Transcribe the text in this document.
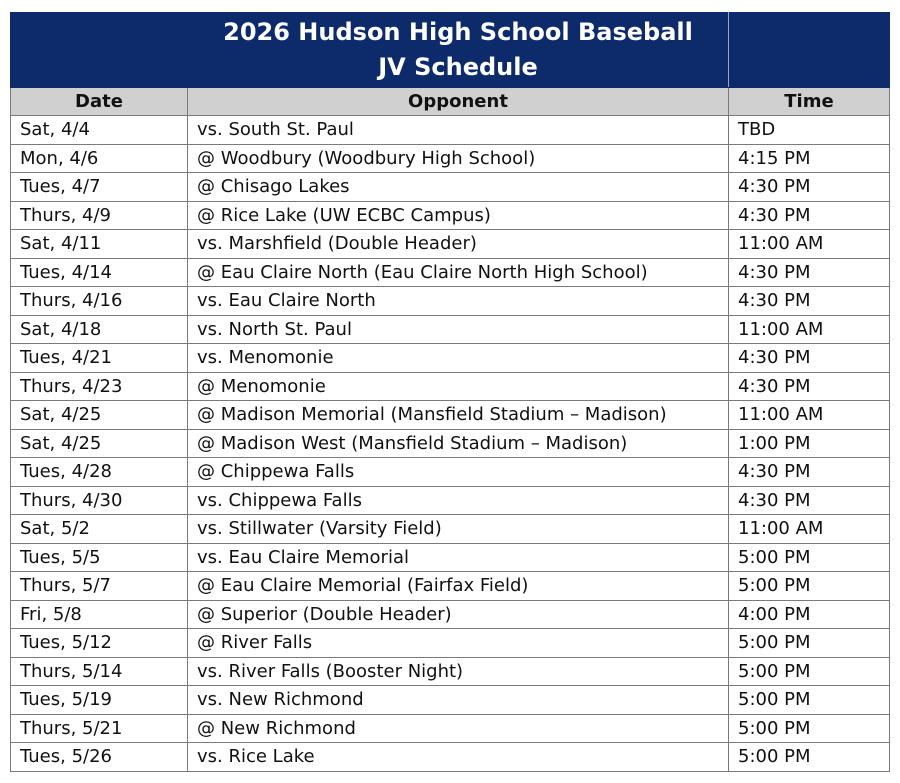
	2026 Hudson High School Baseball
JV Schedule	

Date	Opponent	Time
Sat, 4/4	vs. South St. Paul	TBD
Mon, 4/6	@ Woodbury (Woodbury High School)	4:15 PM
Tues, 4/7	@ Chisago Lakes	4:30 PM
Thurs, 4/9	@ Rice Lake (UW ECBC Campus)	4:30 PM
Sat, 4/11	vs. Marshfield (Double Header)	11:00 AM
Tues, 4/14	@ Eau Claire North (Eau Claire North High School)	4:30 PM
Thurs, 4/16	vs. Eau Claire North	4:30 PM
Sat, 4/18	vs. North St. Paul	11:00 AM
Tues, 4/21	vs. Menomonie	4:30 PM
Thurs, 4/23	@ Menomonie	4:30 PM
Sat, 4/25	@ Madison Memorial (Mansfield Stadium – Madison)	11:00 AM
Sat, 4/25	@ Madison West (Mansfield Stadium – Madison)	1:00 PM
Tues, 4/28	@ Chippewa Falls	4:30 PM
Thurs, 4/30	vs. Chippewa Falls	4:30 PM
Sat, 5/2	vs. Stillwater (Varsity Field)	11:00 AM
Tues, 5/5	vs. Eau Claire Memorial	5:00 PM
Thurs, 5/7	@ Eau Claire Memorial (Fairfax Field)	5:00 PM
Fri, 5/8	@ Superior (Double Header)	4:00 PM
Tues, 5/12	@ River Falls	5:00 PM
Thurs, 5/14	vs. River Falls (Booster Night)	5:00 PM
Tues, 5/19	vs. New Richmond	5:00 PM
Thurs, 5/21	@ New Richmond	5:00 PM
Tues, 5/26	vs. Rice Lake	5:00 PM
